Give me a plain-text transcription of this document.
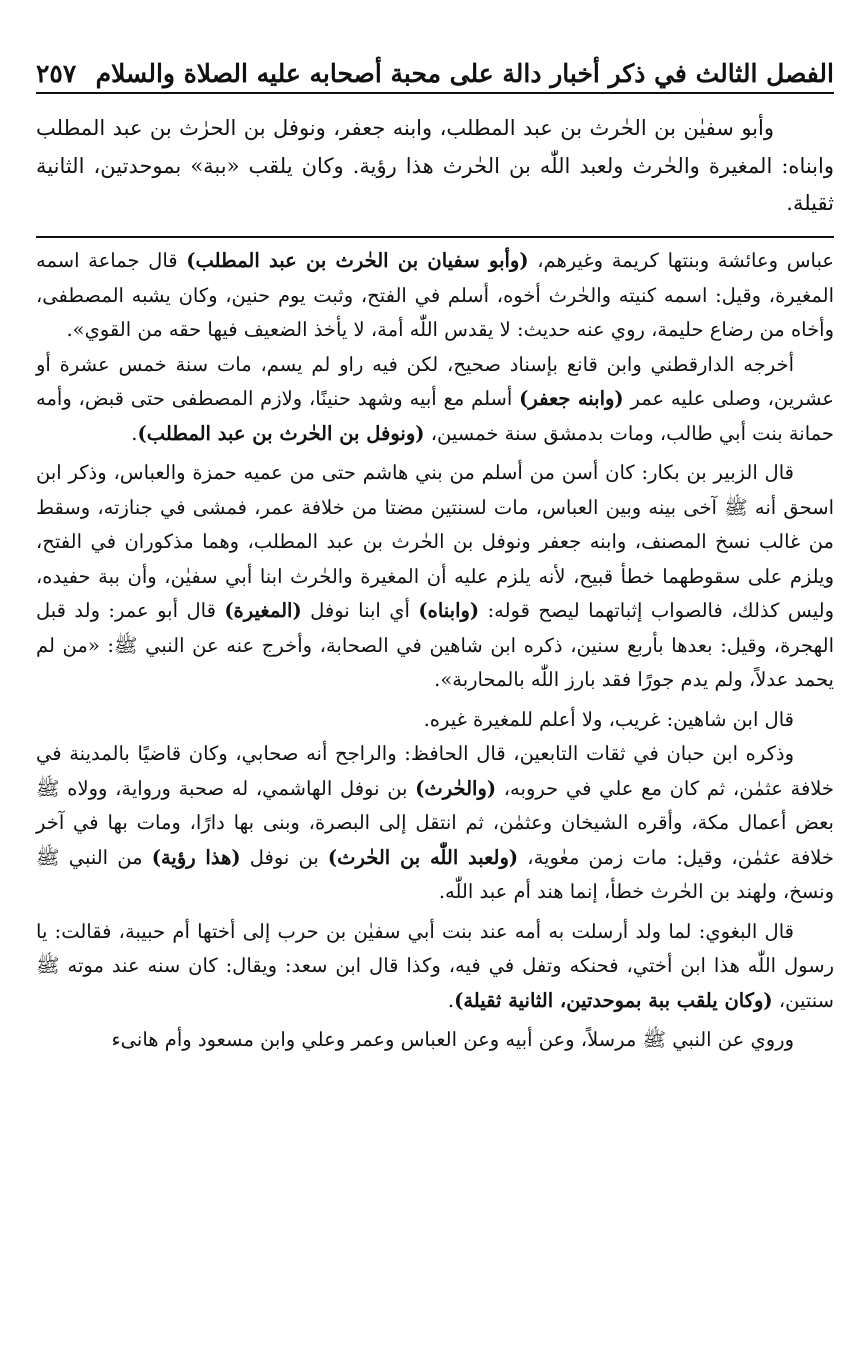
الفصل الثالث في ذكر أخبار دالة على محبة أصحابه عليه الصلاة والسلام
٢٥٧

وأبو سفيٰن بن الحٰرث بن عبد المطلب، وابنه جعفر، ونوفل بن الحرٰث بن عبد المطلب وابناه: المغيرة والحٰرث ولعبد اللّٰه بن الحٰرث هذا رؤية. وكان يلقب «ببة» بموحدتين، الثانية ثقيلة.

عباس وعائشة وبنتها كريمة وغيرهم، (وأبو سفيان بن الحٰرث بن عبد المطلب) قال جماعة اسمه المغيرة، وقيل: اسمه كنيته والحٰرث أخوه، أسلم في الفتح، وثبت يوم حنين، وكان يشبه المصطفى، وأخاه من رضاع حليمة، روي عنه حديث: لا يقدس اللّٰه أمة، لا يأخذ الضعيف فيها حقه من القوي».

أخرجه الدارقطني وابن قانع بإسناد صحيح، لكن فيه راو لم يسم، مات سنة خمس عشرة أو عشرين، وصلى عليه عمر (وابنه جعفر) أسلم مع أبيه وشهد حنينًا، ولازم المصطفى حتى قبض، وأمه حمانة بنت أبي طالب، ومات بدمشق سنة خمسين، (ونوفل بن الحٰرث بن عبد المطلب).

قال الزبير بن بكار: كان أسن من أسلم من بني هاشم حتى من عميه حمزة والعباس، وذكر ابن اسحق أنه ﷺ آخى بينه وبين العباس، مات لسنتين مضتا من خلافة عمر، فمشى في جنازته، وسقط من غالب نسخ المصنف، وابنه جعفر ونوفل بن الحٰرث بن عبد المطلب، وهما مذكوران في الفتح، ويلزم على سقوطهما خطأ قبيح، لأنه يلزم عليه أن المغيرة والحٰرث ابنا أبي سفيٰن، وأن ببة حفيده، وليس كذلك، فالصواب إثباتهما ليصح قوله: (وابناه) أي ابنا نوفل (المغيرة) قال أبو عمر: ولد قبل الهجرة، وقيل: بعدها بأربع سنين، ذكره ابن شاهين في الصحابة، وأخرج عنه عن النبي ﷺ: «من لم يحمد عدلاً، ولم يدم جورًا فقد بارز اللّٰه بالمحاربة».

قال ابن شاهين: غريب، ولا أعلم للمغيرة غيره.

وذكره ابن حبان في ثقات التابعين، قال الحافظ: والراجح أنه صحابي، وكان قاضيًا بالمدينة في خلافة عثمٰن، ثم كان مع علي في حروبه، (والحٰرث) بن نوفل الهاشمي، له صحبة ورواية، وولاه ﷺ بعض أعمال مكة، وأقره الشيخان وعثمٰن، ثم انتقل إلى البصرة، وبنى بها دارًا، ومات بها في آخر خلافة عثمٰن، وقيل: مات زمن معٰوية، (ولعبد اللّٰه بن الحٰرث) بن نوفل (هذا رؤية) من النبي ﷺ ونسخ، ولهند بن الحٰرث خطأ، إنما هند أم عبد اللّٰه.

قال البغوي: لما ولد أرسلت به أمه عند بنت أبي سفيٰن بن حرب إلى أختها أم حبيبة، فقالت: يا رسول اللّٰه هذا ابن أختي، فحنكه وتفل في فيه، وكذا قال ابن سعد: ويقال: كان سنه عند موته ﷺ سنتين، (وكان يلقب ببة بموحدتين، الثانية ثقيلة).

وروي عن النبي ﷺ مرسلاً، وعن أبيه وعن العباس وعمر وعلي وابن مسعود وأم هانىء
